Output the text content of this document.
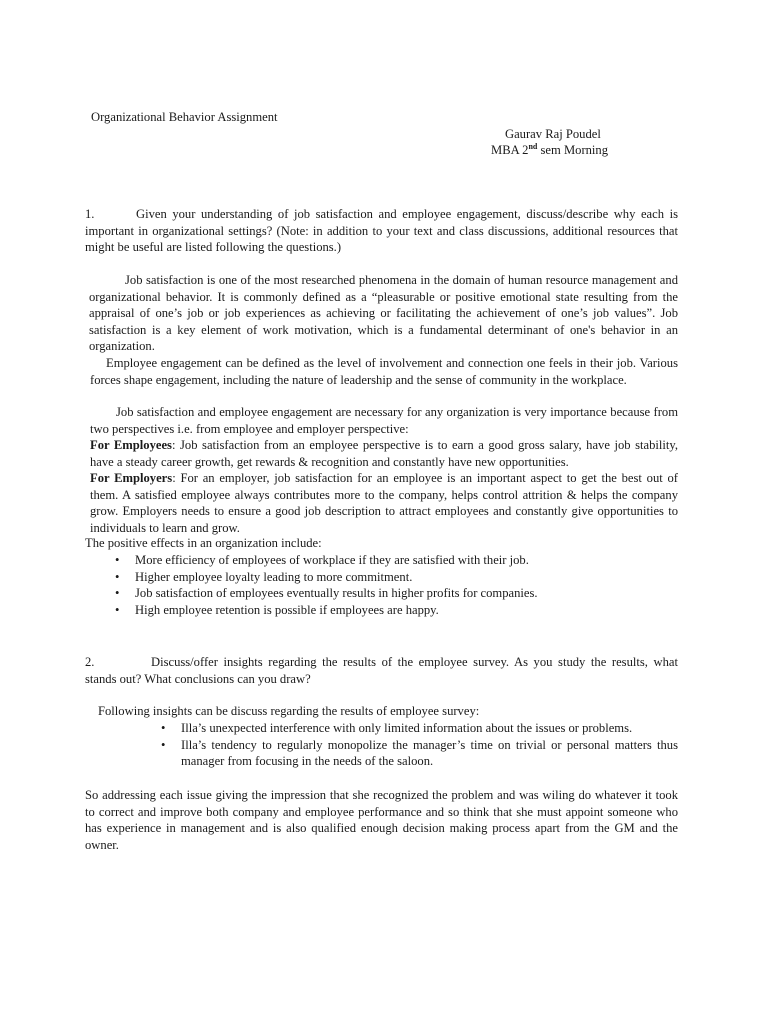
Organizational Behavior Assignment
Gaurav Raj Poudel
MBA 2nd sem Morning
1.	Given your understanding of job satisfaction and employee engagement, discuss/describe why each is important in organizational settings? (Note: in addition to your text and class discussions, additional resources that might be useful are listed following the questions.)
Job satisfaction is one of the most researched phenomena in the domain of human resource management and organizational behavior. It is commonly defined as a “pleasurable or positive emotional state resulting from the appraisal of one’s job or job experiences as achieving or facilitating the achievement of one’s job values”. Job satisfaction is a key element of work motivation, which is a fundamental determinant of one's behavior in an organization.
Employee engagement can be defined as the level of involvement and connection one feels in their job. Various forces shape engagement, including the nature of leadership and the sense of community in the workplace.
Job satisfaction and employee engagement are necessary for any organization is very importance because from two perspectives i.e. from employee and employer perspective:
For Employees: Job satisfaction from an employee perspective is to earn a good gross salary, have job stability, have a steady career growth, get rewards & recognition and constantly have new opportunities.
For Employers: For an employer, job satisfaction for an employee is an important aspect to get the best out of them. A satisfied employee always contributes more to the company, helps control attrition & helps the company grow. Employers needs to ensure a good job description to attract employees and constantly give opportunities to individuals to learn and grow.
The positive effects in an organization include:
•	More efficiency of employees of workplace if they are satisfied with their job.
•	Higher employee loyalty leading to more commitment.
•	Job satisfaction of employees eventually results in higher profits for companies.
•	High employee retention is possible if employees are happy.
2.	Discuss/offer insights regarding the results of the employee survey. As you study the results, what stands out? What conclusions can you draw?
Following insights can be discuss regarding the results of employee survey:
•	Illa’s unexpected interference with only limited information about the issues or problems.
•	Illa’s tendency to regularly monopolize the manager’s time on trivial or personal matters thus manager from focusing in the needs of the saloon.
So addressing each issue giving the impression that she recognized the problem and was wiling do whatever it took to correct and improve both company and employee performance and so think that she must appoint someone who has experience in management and is also qualified enough decision making process apart from the GM and the owner.
